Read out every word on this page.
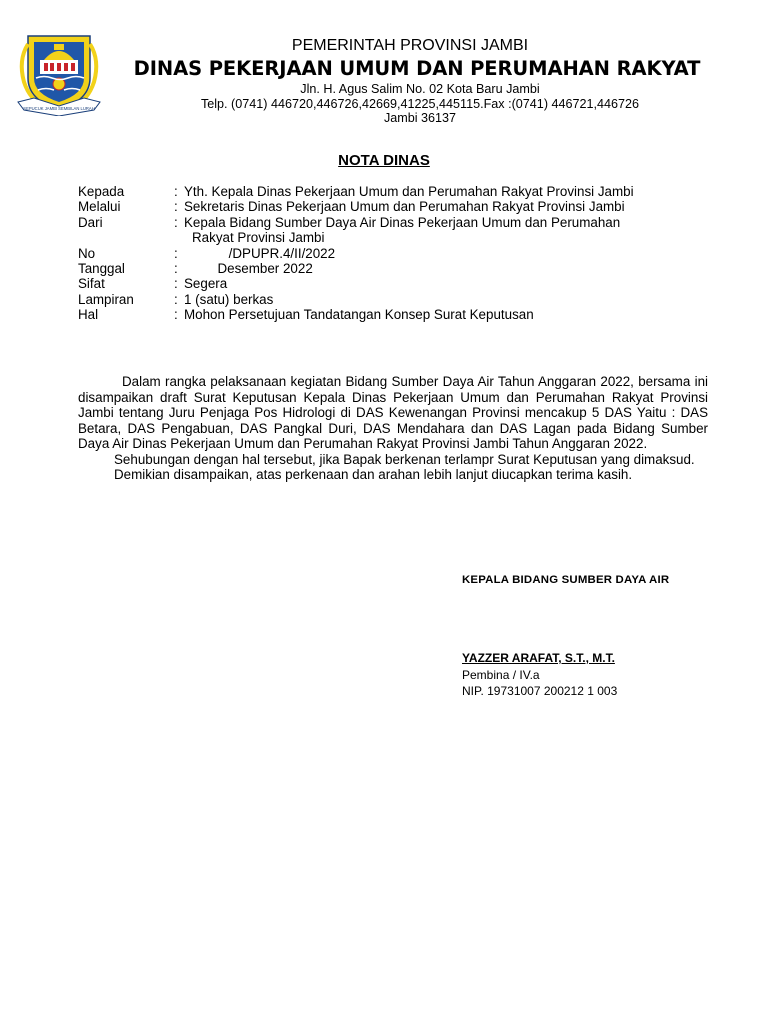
SEPUCUK JAMBI SEMBILAN LURAH
PEMERINTAH PROVINSI JAMBI
DINAS PEKERJAAN UMUM DAN PERUMAHAN RAKYAT
Jln. H. Agus Salim No. 02 Kota Baru Jambi
Telp. (0741) 446720,446726,42669,41225,445115.Fax :(0741) 446721,446726
Jambi 36137
NOTA DINAS
Kepada	: Yth. Kepala Dinas Pekerjaan Umum dan Perumahan Rakyat Provinsi Jambi
Melalui	: Sekretaris Dinas Pekerjaan Umum dan Perumahan Rakyat Provinsi Jambi
Dari	: Kepala Bidang Sumber Daya Air Dinas Pekerjaan Umum dan Perumahan
Rakyat Provinsi Jambi
No	: /DPUPR.4/II/2022
Tanggal	: Desember 2022
Sifat	: Segera
Lampiran	: 1 (satu) berkas
Hal	: Mohon Persetujuan Tandatangan Konsep Surat Keputusan

Dalam rangka pelaksanaan kegiatan Bidang Sumber Daya Air Tahun Anggaran 2022, bersama ini disampaikan draft Surat Keputusan Kepala Dinas Pekerjaan Umum dan Perumahan Rakyat Provinsi Jambi tentang Juru Penjaga Pos Hidrologi di DAS Kewenangan Provinsi mencakup 5 DAS Yaitu : DAS Betara, DAS Pengabuan, DAS Pangkal Duri, DAS Mendahara dan DAS Lagan pada Bidang Sumber Daya Air Dinas Pekerjaan Umum dan Perumahan Rakyat Provinsi Jambi Tahun Anggaran 2022.

Sehubungan dengan hal tersebut, jika Bapak berkenan terlampr Surat Keputusan yang dimaksud.

Demikian disampaikan, atas perkenaan dan arahan lebih lanjut diucapkan terima kasih.

KEPALA BIDANG SUMBER DAYA AIR
YAZZER ARAFAT, S.T., M.T.
Pembina / IV.a
NIP. 19731007 200212 1 003
